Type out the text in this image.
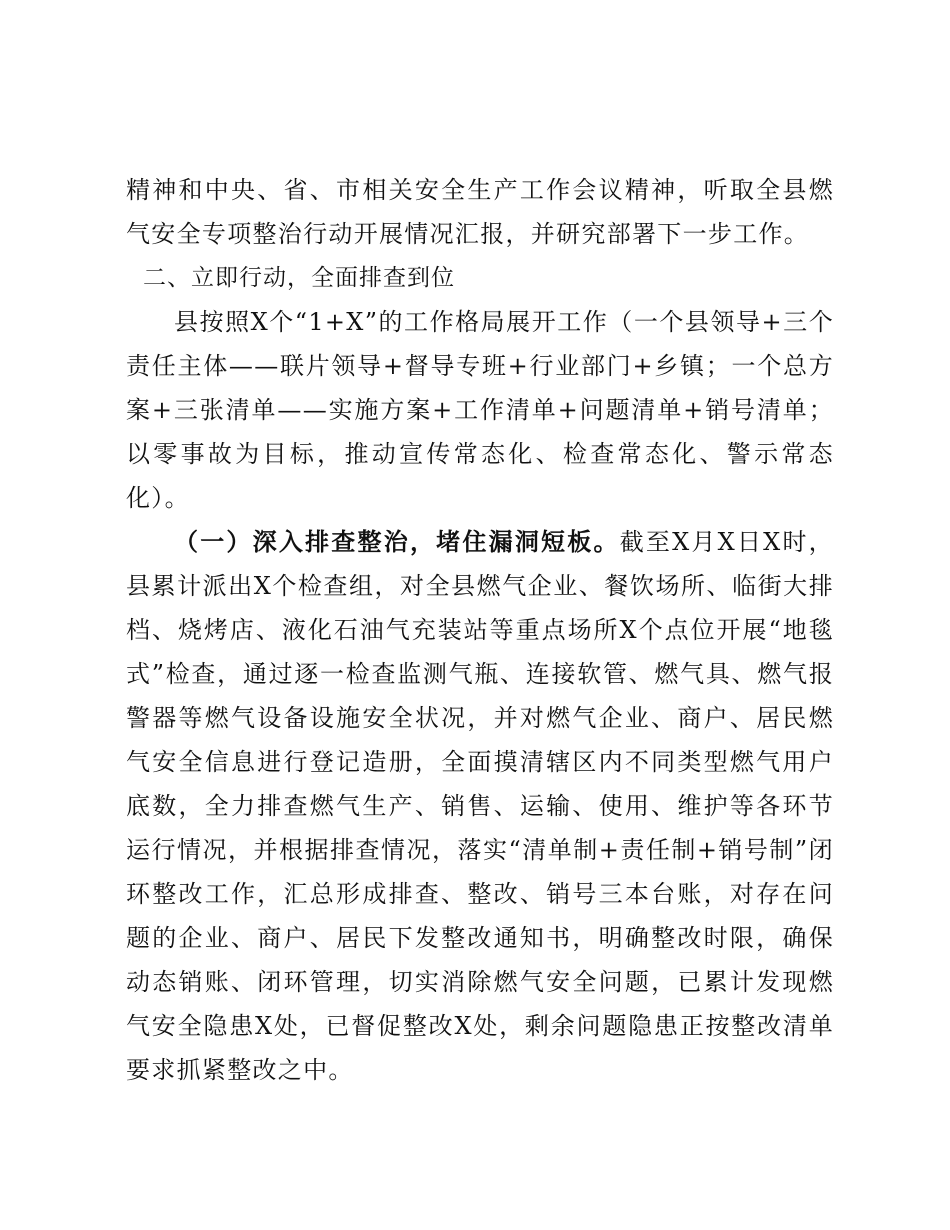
精神和中央、省、市相关安全生产工作会议精神，听取全县燃气安全专项整治行动开展情况汇报，并研究部署下一步工作。

二、立即行动，全面排查到位

县按照X个“1+X”的工作格局展开工作（一个县领导+三个责任主体——联片领导+督导专班+行业部门+乡镇；一个总方案+三张清单——实施方案+工作清单+问题清单+销号清单；以零事故为目标，推动宣传常态化、检查常态化、警示常态化）。

（一）深入排查整治，堵住漏洞短板。截至X月X日X时，县累计派出X个检查组，对全县燃气企业、餐饮场所、临街大排档、烧烤店、液化石油气充装站等重点场所X个点位开展“地毯式”检查，通过逐一检查监测气瓶、连接软管、燃气具、燃气报警器等燃气设备设施安全状况，并对燃气企业、商户、居民燃气安全信息进行登记造册，全面摸清辖区内不同类型燃气用户底数，全力排查燃气生产、销售、运输、使用、维护等各环节运行情况，并根据排查情况，落实“清单制+责任制+销号制”闭环整改工作，汇总形成排查、整改、销号三本台账，对存在问题的企业、商户、居民下发整改通知书，明确整改时限，确保动态销账、闭环管理，切实消除燃气安全问题，已累计发现燃气安全隐患X处，已督促整改X处，剩余问题隐患正按整改清单要求抓紧整改之中。
